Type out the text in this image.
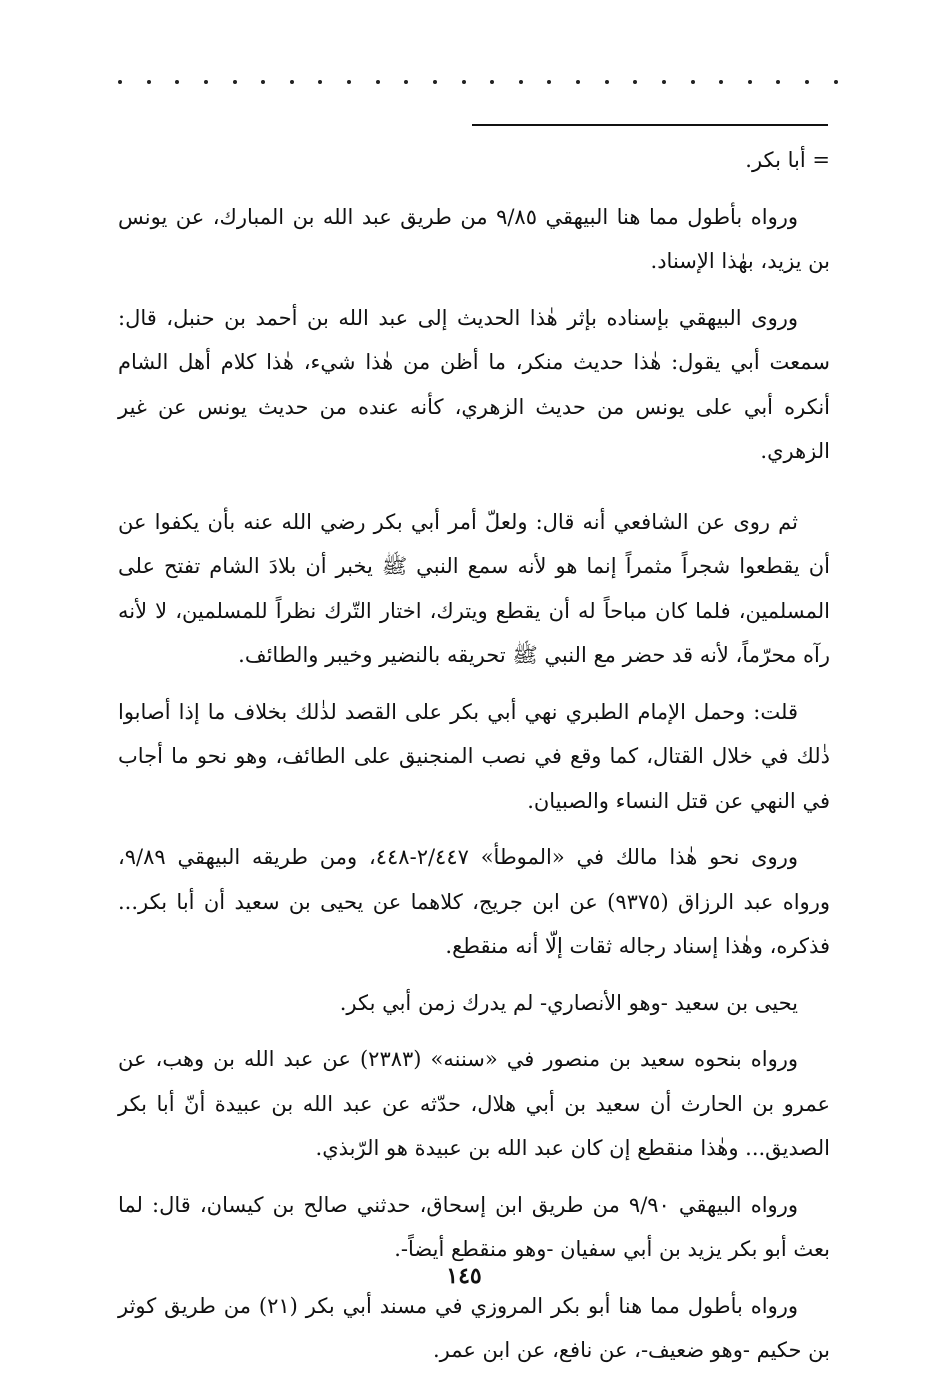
= أبا بكر.

ورواه بأطول مما هنا البيهقي ٩/٨٥ من طريق عبد الله بن المبارك، عن يونس بن يزيد، بهٰذا الإسناد.

وروى البيهقي بإسناده بإثر هٰذا الحديث إلى عبد الله بن أحمد بن حنبل، قال: سمعت أبي يقول: هٰذا حديث منكر، ما أظن من هٰذا شيء، هٰذا كلام أهل الشام أنكره أبي على يونس من حديث الزهري، كأنه عنده من حديث يونس عن غير الزهري.

ثم روى عن الشافعي أنه قال: ولعلّ أمر أبي بكر رضي الله عنه بأن يكفوا عن أن يقطعوا شجراً مثمراً إنما هو لأنه سمع النبي ﷺ يخبر أن بلادَ الشام تفتح على المسلمين، فلما كان مباحاً له أن يقطع ويترك، اختار التّرك نظراً للمسلمين، لا لأنه رآه محرّماً، لأنه قد حضر مع النبي ﷺ تحريقه بالنضير وخيبر والطائف.

قلت: وحمل الإمام الطبري نهي أبي بكر على القصد لذٰلك بخلاف ما إذا أصابوا ذٰلك في خلال القتال، كما وقع في نصب المنجنيق على الطائف، وهو نحو ما أجاب في النهي عن قتل النساء والصبيان.

وروى نحو هٰذا مالك في «الموطأ» ٢/٤٤٧-٤٤٨، ومن طريقه البيهقي ٩/٨٩، ورواه عبد الرزاق (٩٣٧٥) عن ابن جريج، كلاهما عن يحيى بن سعيد أن أبا بكر... فذكره، وهٰذا إسناد رجاله ثقات إلّا أنه منقطع.

يحيى بن سعيد -وهو الأنصاري- لم يدرك زمن أبي بكر.

ورواه بنحوه سعيد بن منصور في «سننه» (٢٣٨٣) عن عبد الله بن وهب، عن عمرو بن الحارث أن سعيد بن أبي هلال، حدّثه عن عبد الله بن عبيدة أنّ أبا بكر الصديق... وهٰذا منقطع إن كان عبد الله بن عبيدة هو الرّبذي.

ورواه البيهقي ٩/٩٠ من طريق ابن إسحاق، حدثني صالح بن كيسان، قال: لما بعث أبو بكر يزيد بن أبي سفيان -وهو منقطع أيضاً-.

ورواه بأطول مما هنا أبو بكر المروزي في مسند أبي بكر (٢١) من طريق كوثر بن حكيم -وهو ضعيف-، عن نافع، عن ابن عمر.

١٤٥
